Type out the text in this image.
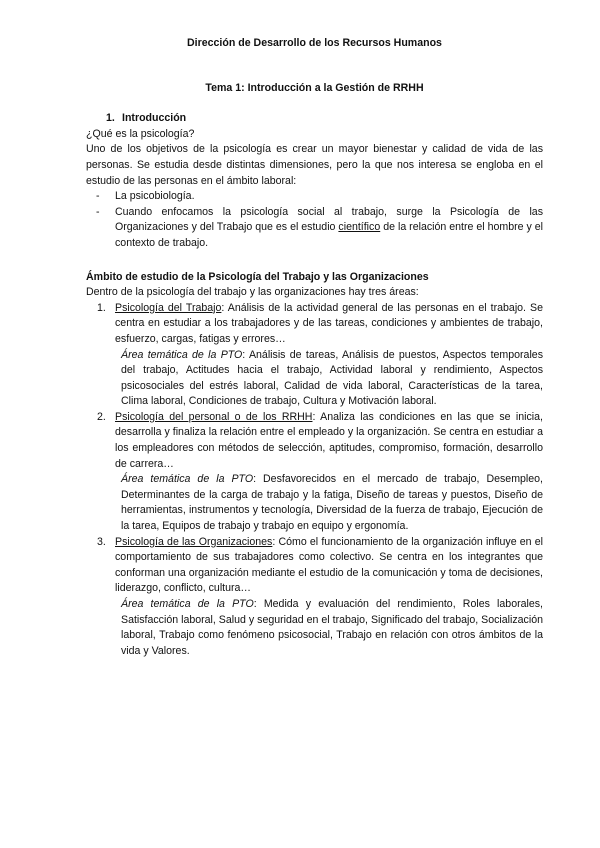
Dirección de Desarrollo de los Recursos Humanos

Tema 1: Introducción a la Gestión de RRHH

1. Introducción

¿Qué es la psicología?

Uno de los objetivos de la psicología es crear un mayor bienestar y calidad de vida de las personas. Se estudia desde distintas dimensiones, pero la que nos interesa se engloba en el estudio de las personas en el ámbito laboral:

- La psicobiología.
- Cuando enfocamos la psicología social al trabajo, surge la Psicología de las Organizaciones y del Trabajo que es el estudio científico de la relación entre el hombre y el contexto de trabajo.

Ámbito de estudio de la Psicología del Trabajo y las Organizaciones

Dentro de la psicología del trabajo y las organizaciones hay tres áreas:

1. Psicología del Trabajo: Análisis de la actividad general de las personas en el trabajo. Se centra en estudiar a los trabajadores y de las tareas, condiciones y ambientes de trabajo, esfuerzo, cargas, fatigas y errores…

Área temática de la PTO: Análisis de tareas, Análisis de puestos, Aspectos temporales del trabajo, Actitudes hacia el trabajo, Actividad laboral y rendimiento, Aspectos psicosociales del estrés laboral, Calidad de vida laboral, Características de la tarea, Clima laboral, Condiciones de trabajo, Cultura y Motivación laboral.

2. Psicología del personal o de los RRHH: Analiza las condiciones en las que se inicia, desarrolla y finaliza la relación entre el empleado y la organización. Se centra en estudiar a los empleadores con métodos de selección, aptitudes, compromiso, formación, desarrollo de carrera…

Área temática de la PTO: Desfavorecidos en el mercado de trabajo, Desempleo, Determinantes de la carga de trabajo y la fatiga, Diseño de tareas y puestos, Diseño de herramientas, instrumentos y tecnología, Diversidad de la fuerza de trabajo, Ejecución de la tarea, Equipos de trabajo y trabajo en equipo y ergonomía.

3. Psicología de las Organizaciones: Cómo el funcionamiento de la organización influye en el comportamiento de sus trabajadores como colectivo. Se centra en los integrantes que conforman una organización mediante el estudio de la comunicación y toma de decisiones, liderazgo, conflicto, cultura…

Área temática de la PTO: Medida y evaluación del rendimiento, Roles laborales, Satisfacción laboral, Salud y seguridad en el trabajo, Significado del trabajo, Socialización laboral, Trabajo como fenómeno psicosocial, Trabajo en relación con otros ámbitos de la vida y Valores.
